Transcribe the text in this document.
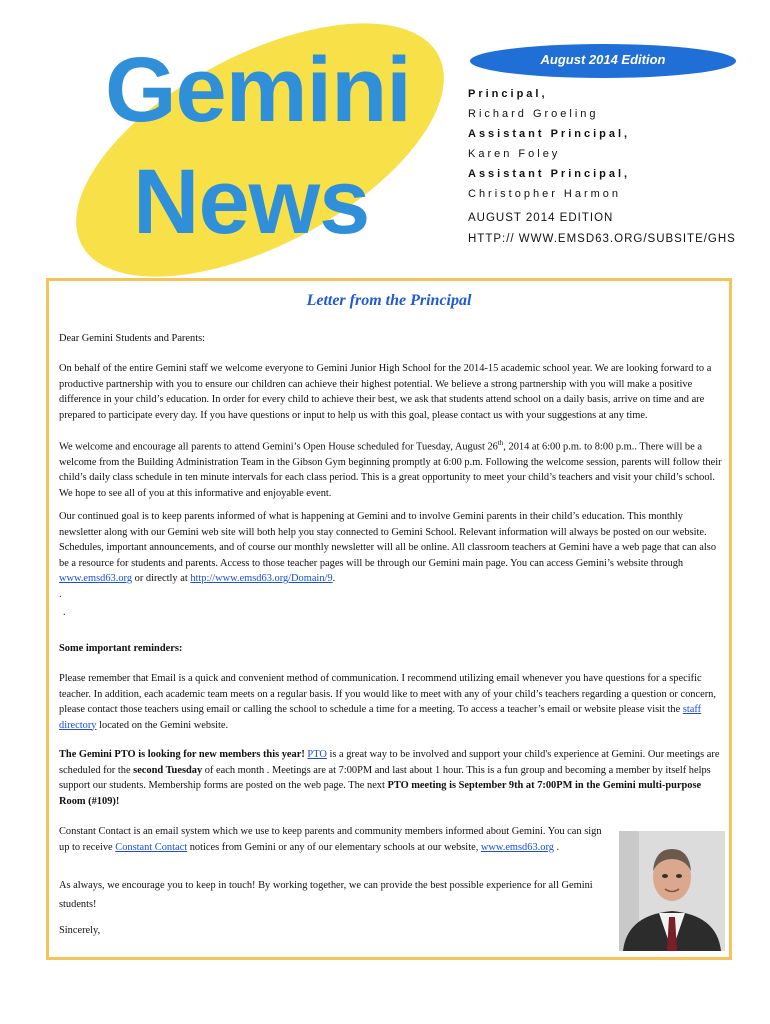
Gemini
News
August 2014 Edition
Principal,
Richard Groeling
Assistant Principal,
Karen Foley
Assistant Principal,
Christopher Harmon
AUGUST 2014 EDITION
HTTP:// WWW.EMSD63.ORG/SUBSITE/GHS
Letter from the Principal

Dear Gemini Students and Parents:

On behalf of the entire Gemini staff we welcome everyone to Gemini Junior High School for the 2014-15 academic school year. We are looking forward to a productive partnership with you to ensure our children can achieve their highest potential. We believe a strong partnership with you will make a positive difference in your child’s education. In order for every child to achieve their best, we ask that students attend school on a daily basis, arrive on time and are prepared to participate every day. If you have questions or input to help us with this goal, please contact us with your suggestions at any time.

We welcome and encourage all parents to attend Gemini’s Open House scheduled for Tuesday, August 26th, 2014 at 6:00 p.m. to 8:00 p.m.. There will be a welcome from the Building Administration Team in the Gibson Gym beginning promptly at 6:00 p.m. Following the welcome session, parents will follow their child’s daily class schedule in ten minute intervals for each class period. This is a great opportunity to meet your child’s teachers and visit your child’s school. We hope to see all of you at this informative and enjoyable event.

Our continued goal is to keep parents informed of what is happening at Gemini and to involve Gemini parents in their child’s education. This monthly newsletter along with our Gemini web site will both help you stay connected to Gemini School. Relevant information will always be posted on our website. Schedules, important announcements, and of course our monthly newsletter will all be online. All classroom teachers at Gemini have a web page that can also be a resource for students and parents. Access to those teacher pages will be through our Gemini main page. You can access Gemini’s website through www.emsd63.org or directly at http://www.emsd63.org/Domain/9.

.

.

Some important reminders:

Please remember that Email is a quick and convenient method of communication. I recommend utilizing email whenever you have questions for a specific teacher. In addition, each academic team meets on a regular basis. If you would like to meet with any of your child’s teachers regarding a question or concern, please contact those teachers using email or calling the school to schedule a time for a meeting. To access a teacher’s email or website please visit the staff directory located on the Gemini website.

The Gemini PTO is looking for new members this year! PTO is a great way to be involved and support your child's experience at Gemini. Our meetings are scheduled for the second Tuesday of each month . Meetings are at 7:00PM and last about 1 hour. This is a fun group and becoming a member by itself helps support our students. Membership forms are posted on the web page. The next PTO meeting is September 9th at 7:00PM in the Gemini multi-purpose Room (#109)!

Constant Contact is an email system which we use to keep parents and community members informed about Gemini. You can sign up to receive Constant Contact notices from Gemini or any of our elementary schools at our website, www.emsd63.org .

As always, we encourage you to keep in touch! By working together, we can provide the best possible experience for all Gemini students!

Sincerely,
